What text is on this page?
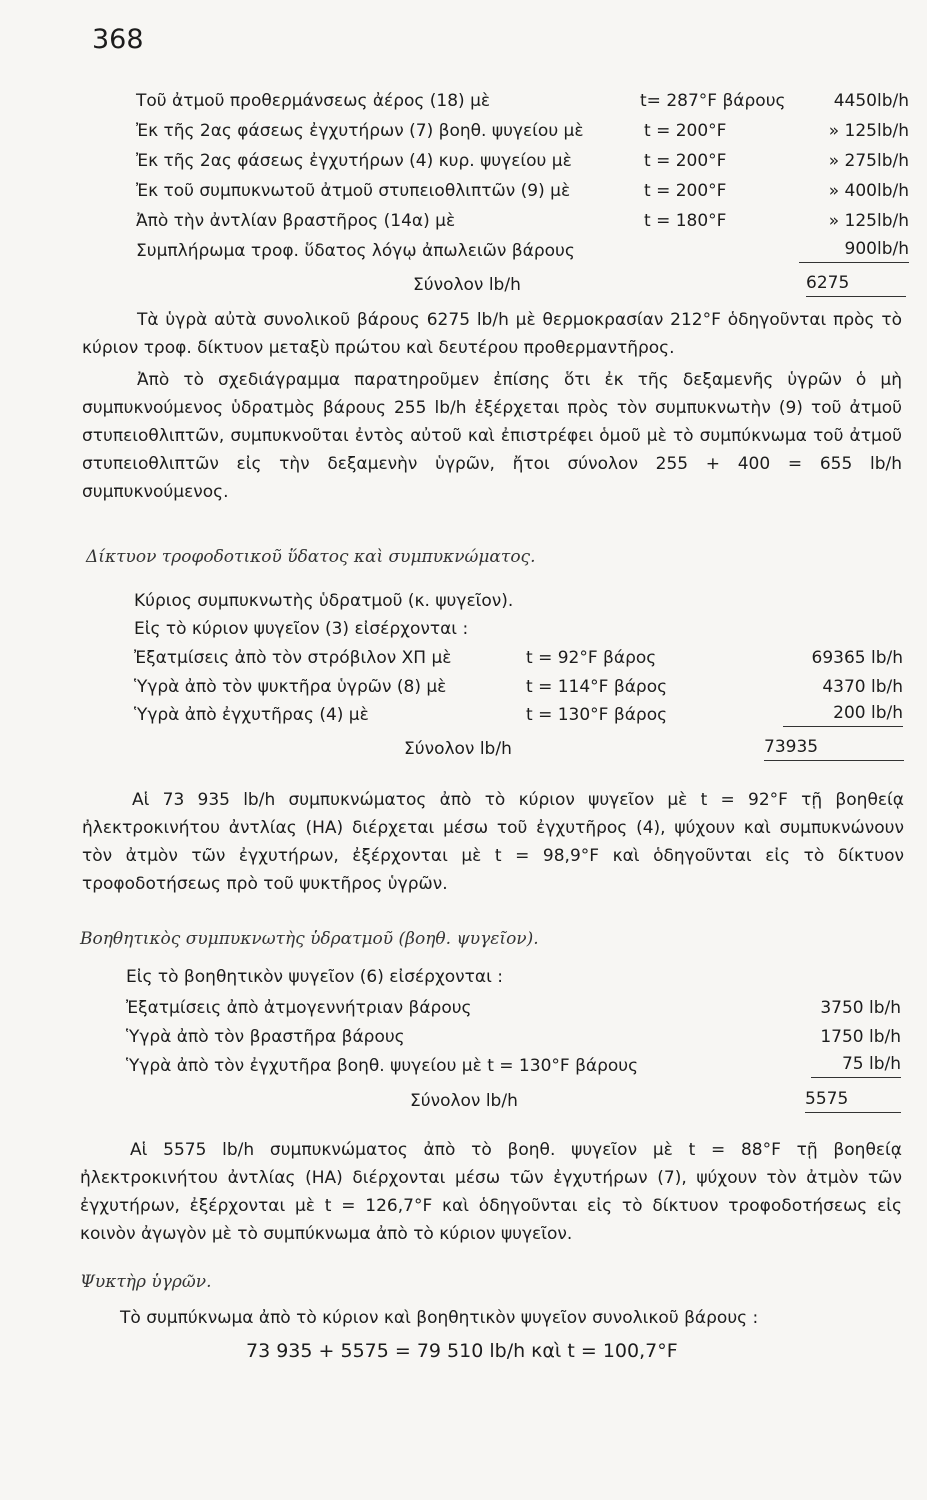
368
Τοῦ ἀτμοῦ προθερμάνσεως ἀέρος (18) μὲ	t= 287°F βάρους	4450lb/h
Ἐκ τῆς 2ας φάσεως ἐγχυτήρων (7) βοηθ. ψυγείου μὲ	t = 200°F	» 125lb/h
Ἐκ τῆς 2ας φάσεως ἐγχυτήρων (4) κυρ. ψυγείου μὲ	t = 200°F	» 275lb/h
Ἐκ τοῦ συμπυκνωτοῦ ἀτμοῦ στυπειοθλιπτῶν (9) μὲ	t = 200°F	» 400lb/h
Ἀπὸ τὴν ἀντλίαν βραστῆρος (14α) μὲ	t = 180°F	» 125lb/h
Συμπλήρωμα τροφ. ὕδατος λόγῳ ἀπωλειῶν βάρους	900lb/h
Σύνολον lb/h	6275

Τὰ ὑγρὰ αὐτὰ συνολικοῦ βάρους 6275 lb/h μὲ θερμοκρασίαν 212°F ὁδηγοῦνται πρὸς τὸ κύριον τροφ. δίκτυον μεταξὺ πρώτου καὶ δευτέρου προθερμαντῆρος.

Ἀπὸ τὸ σχεδιάγραμμα παρατηροῦμεν ἐπίσης ὅτι ἐκ τῆς δεξαμενῆς ὑγρῶν ὁ μὴ συμπυκνούμενος ὑδρατμὸς βάρους 255 lb/h ἐξέρχεται πρὸς τὸν συμπυκνωτὴν (9) τοῦ ἀτμοῦ στυπειοθλιπτῶν, συμπυκνοῦται ἐντὸς αὐτοῦ καὶ ἐπιστρέφει ὁμοῦ μὲ τὸ συμπύκνωμα τοῦ ἀτμοῦ στυπειοθλιπτῶν εἰς τὴν δεξαμενὴν ὑγρῶν, ἤτοι σύνολον 255 + 400 = 655 lb/h συμπυκνούμενος.

Δίκτυον τροφοδοτικοῦ ὕδατος καὶ συμπυκνώματος.
Κύριος συμπυκνωτὴς ὑδρατμοῦ (κ. ψυγεῖον).
Εἰς τὸ κύριον ψυγεῖον (3) εἰσέρχονται :
Ἐξατμίσεις ἀπὸ τὸν στρόβιλον ΧΠ μὲ	t = 92°F βάρος	69365 lb/h
Ὑγρὰ ἀπὸ τὸν ψυκτῆρα ὑγρῶν (8) μὲ	t = 114°F βάρος	4370 lb/h
Ὑγρὰ ἀπὸ ἐγχυτῆρας (4) μὲ	t = 130°F βάρος	200 lb/h
Σύνολον lb/h	73935

Αἱ 73 935 lb/h συμπυκνώματος ἀπὸ τὸ κύριον ψυγεῖον μὲ t = 92°F τῇ βοηθείᾳ ἠλεκτροκινήτου ἀντλίας (ΗΑ) διέρχεται μέσω τοῦ ἐγχυτῆρος (4), ψύχουν καὶ συμπυκνώνουν τὸν ἀτμὸν τῶν ἐγχυτήρων, ἐξέρχονται μὲ t = 98,9°F καὶ ὁδηγοῦνται εἰς τὸ δίκτυον τροφοδοτήσεως πρὸ τοῦ ψυκτῆρος ὑγρῶν.

Βοηθητικὸς συμπυκνωτὴς ὑδρατμοῦ (βοηθ. ψυγεῖον).
Εἰς τὸ βοηθητικὸν ψυγεῖον (6) εἰσέρχονται :
Ἐξατμίσεις ἀπὸ ἀτμογεννήτριαν βάρους	3750 lb/h
Ὑγρὰ ἀπὸ τὸν βραστῆρα βάρους	1750 lb/h
Ὑγρὰ ἀπὸ τὸν ἐγχυτῆρα βοηθ. ψυγείου μὲ t = 130°F βάρους	75 lb/h
Σύνολον lb/h	5575

Αἱ 5575 lb/h συμπυκνώματος ἀπὸ τὸ βοηθ. ψυγεῖον μὲ t = 88°F τῇ βοηθείᾳ ἠλεκτροκινήτου ἀντλίας (ΗΑ) διέρχονται μέσω τῶν ἐγχυτήρων (7), ψύχουν τὸν ἀτμὸν τῶν ἐγχυτήρων, ἐξέρχονται μὲ t = 126,7°F καὶ ὁδηγοῦνται εἰς τὸ δίκτυον τροφοδοτήσεως εἰς κοινὸν ἀγωγὸν μὲ τὸ συμπύκνωμα ἀπὸ τὸ κύριον ψυγεῖον.

Ψυκτὴρ ὑγρῶν.

Τὸ συμπύκνωμα ἀπὸ τὸ κύριον καὶ βοηθητικὸν ψυγεῖον συνολικοῦ βάρους :

73 935 + 5575 = 79 510 lb/h καὶ t = 100,7°F
